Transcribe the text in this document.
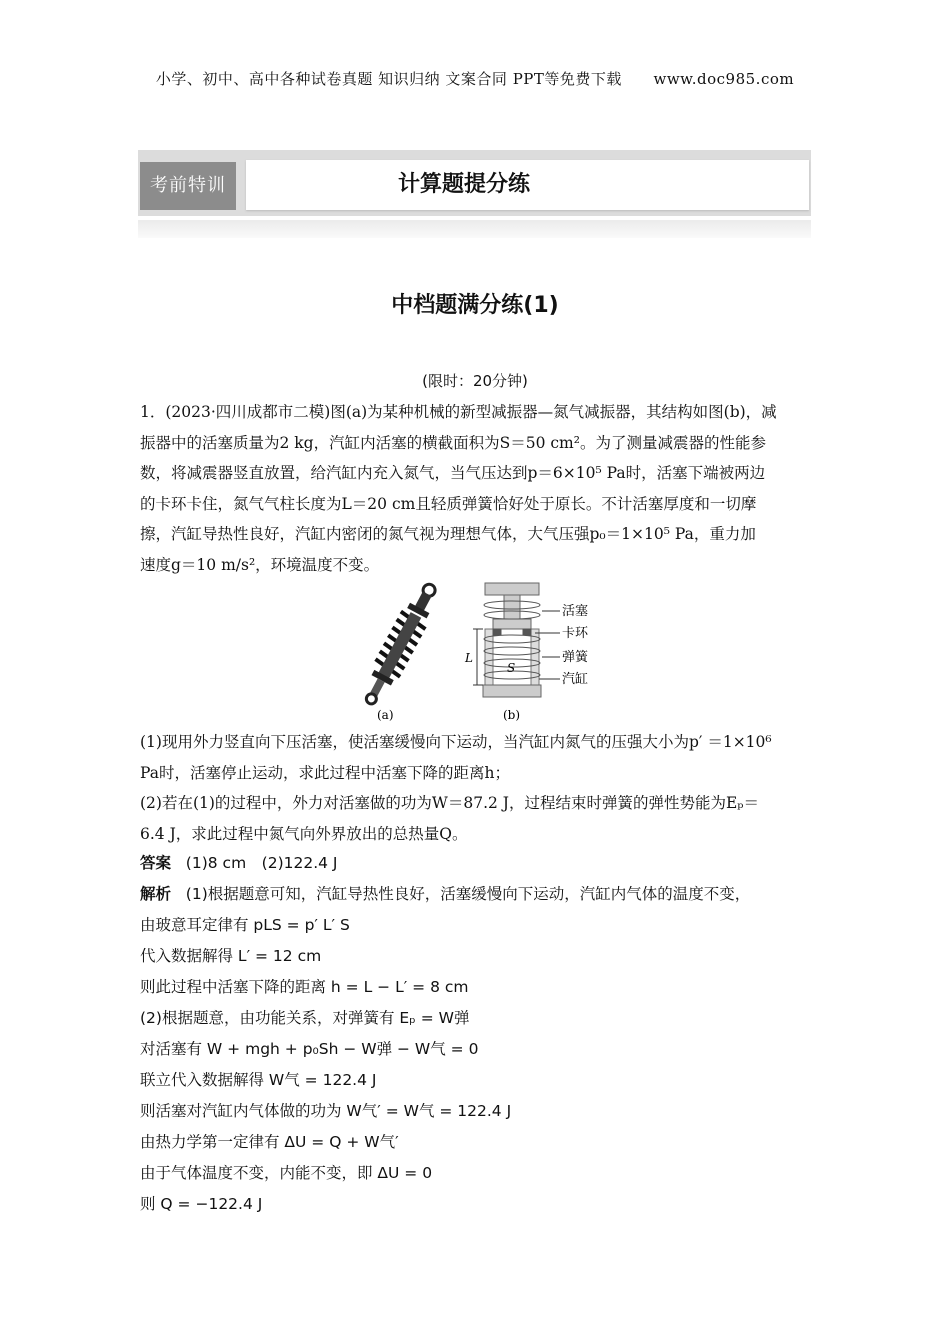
小学、初中、高中各种试卷真题 知识归纳 文案合同 PPT等免费下载 www.doc985.com
考前特训	计算题提分练
中档题满分练(1)
(限时：20分钟)
1．(2023·四川成都市二模)图(a)为某种机械的新型减振器—氮气减振器，其结构如图(b)，减
振器中的活塞质量为2 kg，汽缸内活塞的横截面积为S＝50 cm²。为了测量减震器的性能参
数，将减震器竖直放置，给汽缸内充入氮气，当气压达到p＝6×10⁵ Pa时，活塞下端被两边
的卡环卡住，氮气气柱长度为L＝20 cm且轻质弹簧恰好处于原长。不计活塞厚度和一切摩
擦，汽缸导热性良好，汽缸内密闭的氮气视为理想气体，大气压强p₀＝1×10⁵ Pa，重力加
速度g＝10 m/s²，环境温度不变。
(a)
L
S
活塞
卡环
弹簧
汽缸
(b)
(1)现用外力竖直向下压活塞，使活塞缓慢向下运动，当汽缸内氮气的压强大小为p′ ＝1×10⁶
Pa时，活塞停止运动，求此过程中活塞下降的距离h；
(2)若在(1)的过程中，外力对活塞做的功为W＝87.2 J，过程结束时弹簧的弹性势能为Eₚ＝
6.4 J，求此过程中氮气向外界放出的总热量Q。
答案 (1)8 cm　(2)122.4 J
解析 (1)根据题意可知，汽缸导热性良好，活塞缓慢向下运动，汽缸内气体的温度不变，
由玻意耳定律有 pLS = p′ L′ S
代入数据解得 L′ = 12 cm
则此过程中活塞下降的距离 h = L − L′ = 8 cm
(2)根据题意，由功能关系，对弹簧有 Eₚ = W弹
对活塞有 W + mgh + p₀Sh − W弹 − W气 = 0
联立代入数据解得 W气 = 122.4 J
则活塞对汽缸内气体做的功为 W气′ = W气 = 122.4 J
由热力学第一定律有 ΔU = Q + W气′
由于气体温度不变，内能不变，即 ΔU = 0
则 Q = −122.4 J
